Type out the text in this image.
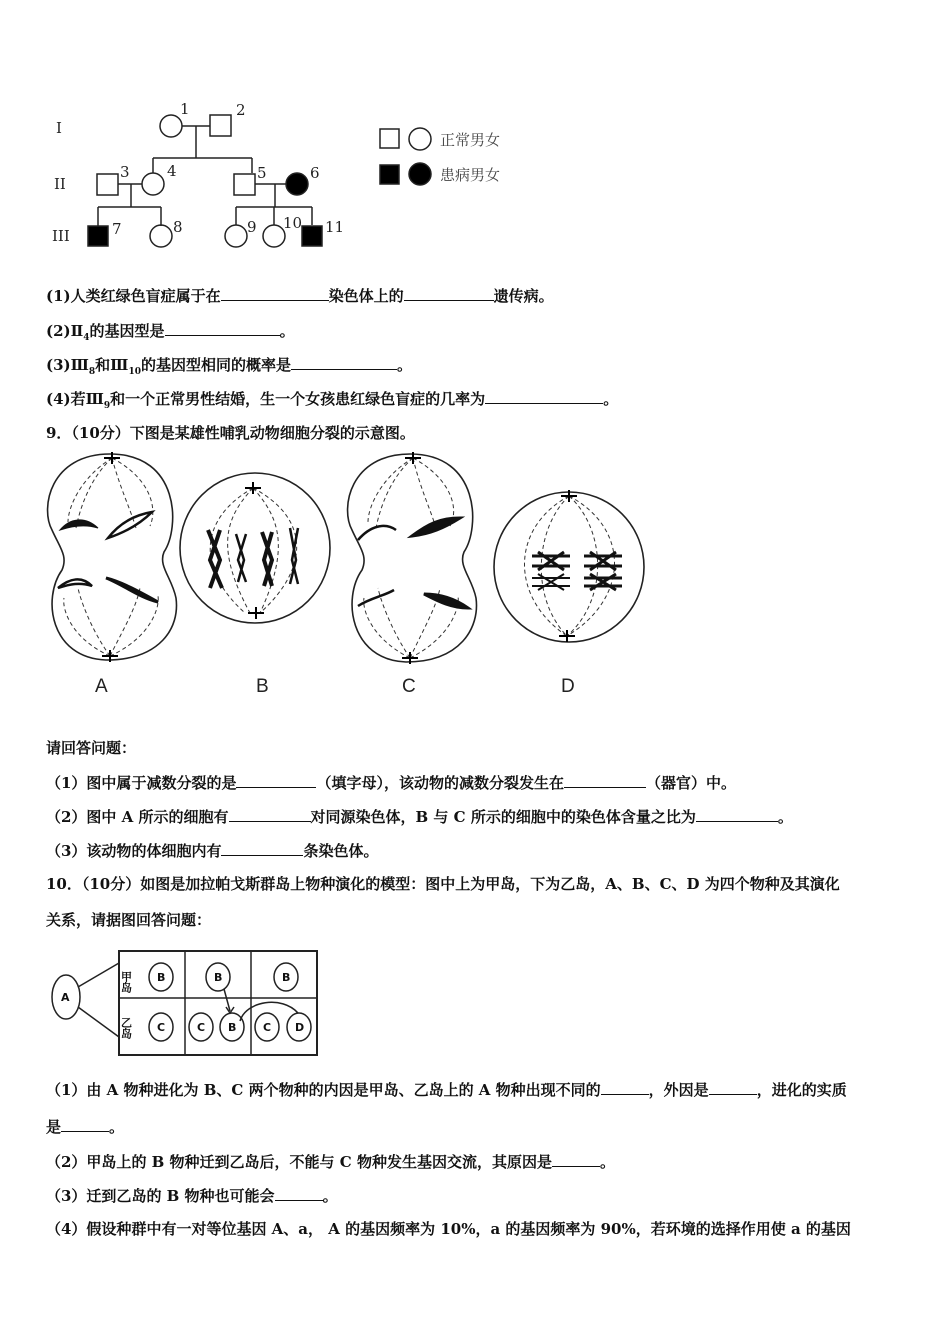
I
II
III
1	2
3 4	5	6
7	8	9 10 11
正常男女
患病男女
(1)人类红绿色盲症属于在	染色体上的	遗传病。
$(2)Ⅱ_4$的基因型是	。
$(3)Ⅲ_8$和$Ⅲ_{10}$的基因型相同的概率是	。
(4)若$Ⅲ_9$和一个正常男性结婚，生一个女孩患红绿色盲症的几率为	。
9．（10分）下图是某雄性哺乳动物细胞分裂的示意图。
A	B	C	D
请回答问题：
（1）图中属于减数分裂的是	（填字母），该动物的减数分裂发生在	（器官）中。
（2）图中 A 所示的细胞有	对同源染色体，B 与 C 所示的细胞中的染色体含量之比为	。
（3）该动物的体细胞内有	条染色体。
10．（10分）如图是加拉帕戈斯群岛上物种演化的模型：图中上为甲岛，下为乙岛，A、B、C、D 为四个物种及其演化
关系，请据图回答问题：
A
B	B	B
C	C B C D
甲岛
乙岛
（1）由 A 物种进化为 B、C 两个物种的内因是甲岛、乙岛上的 A 物种出现不同的	，外因是	，进化的实质
是	。
（2）甲岛上的 B 物种迁到乙岛后，不能与 C 物种发生基因交流，其原因是	。
（3）迁到乙岛的 B 物种也可能会	。
（4）假设种群中有一对等位基因 A、a， A 的基因频率为 10%，a 的基因频率为 90%，若环境的选择作用使 a 的基因
